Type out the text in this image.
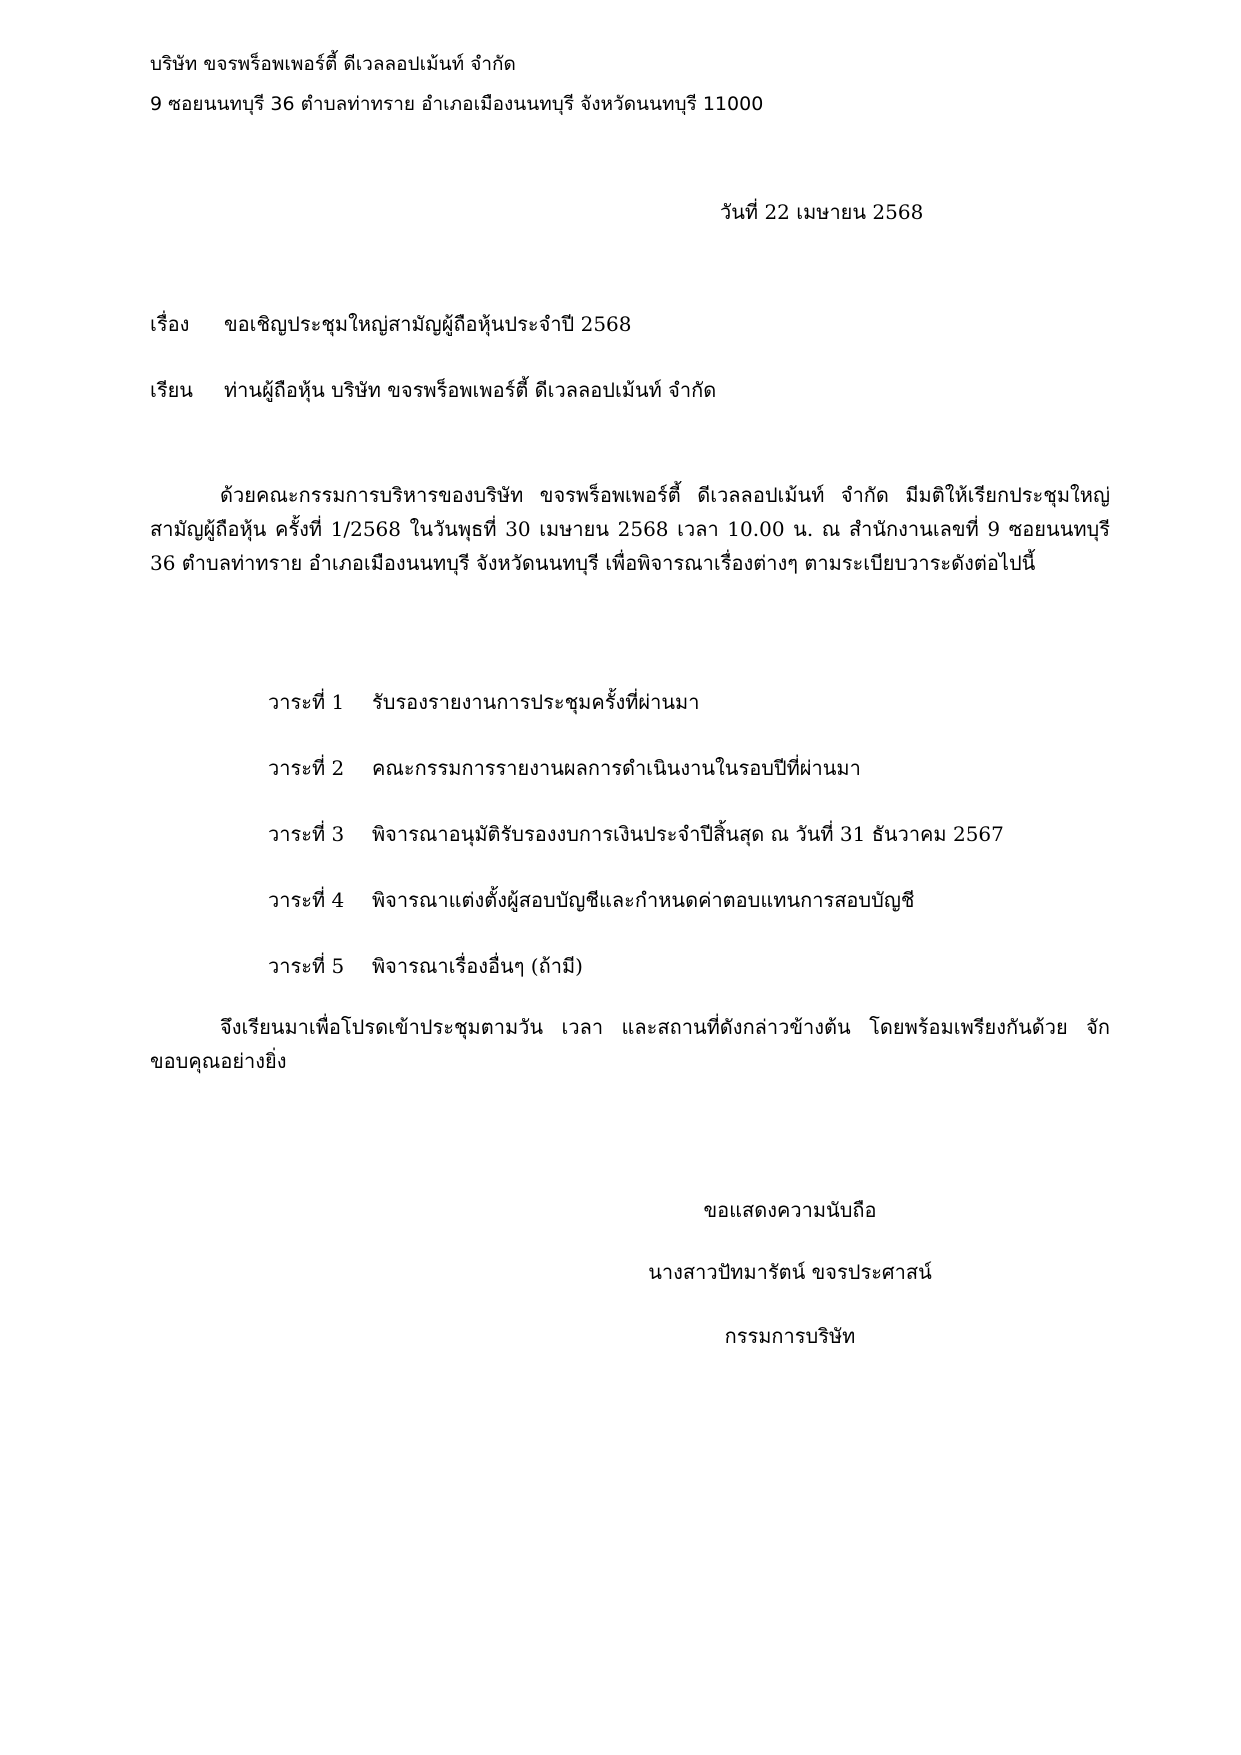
บริษัท ขจรพร็อพเพอร์ตี้ ดีเวลลอปเม้นท์ จำกัด
9 ซอยนนทบุรี 36 ตำบลท่าทราย อำเภอเมืองนนทบุรี จังหวัดนนทบุรี 11000
วันที่ 22 เมษายน 2568
เรื่อง ขอเชิญประชุมใหญ่สามัญผู้ถือหุ้นประจำปี 2568
เรียน ท่านผู้ถือหุ้น บริษัท ขจรพร็อพเพอร์ตี้ ดีเวลลอปเม้นท์ จำกัด

ด้วยคณะกรรมการบริหารของบริษัท ขจรพร็อพเพอร์ตี้ ดีเวลลอปเม้นท์ จำกัด มีมติให้เรียกประชุมใหญ่สามัญผู้ถือหุ้น ครั้งที่ 1/2568 ในวันพุธที่ 30 เมษายน 2568 เวลา 10.00 น. ณ สำนักงานเลขที่ 9 ซอยนนทบุรี 36 ตำบลท่าทราย อำเภอเมืองนนทบุรี จังหวัดนนทบุรี เพื่อพิจารณาเรื่องต่างๆ ตามระเบียบวาระดังต่อไปนี้

วาระที่ 1 รับรองรายงานการประชุมครั้งที่ผ่านมา
วาระที่ 2 คณะกรรมการรายงานผลการดำเนินงานในรอบปีที่ผ่านมา
วาระที่ 3 พิจารณาอนุมัติรับรองงบการเงินประจำปีสิ้นสุด ณ วันที่ 31 ธันวาคม 2567
วาระที่ 4 พิจารณาแต่งตั้งผู้สอบบัญชีและกำหนดค่าตอบแทนการสอบบัญชี
วาระที่ 5 พิจารณาเรื่องอื่นๆ (ถ้ามี)

จึงเรียนมาเพื่อโปรดเข้าประชุมตามวัน เวลา และสถานที่ดังกล่าวข้างต้น โดยพร้อมเพรียงกันด้วย จักขอบคุณอย่างยิ่ง

ขอแสดงความนับถือ
นางสาวปัทมารัตน์ ขจรประศาสน์
กรรมการบริษัท
